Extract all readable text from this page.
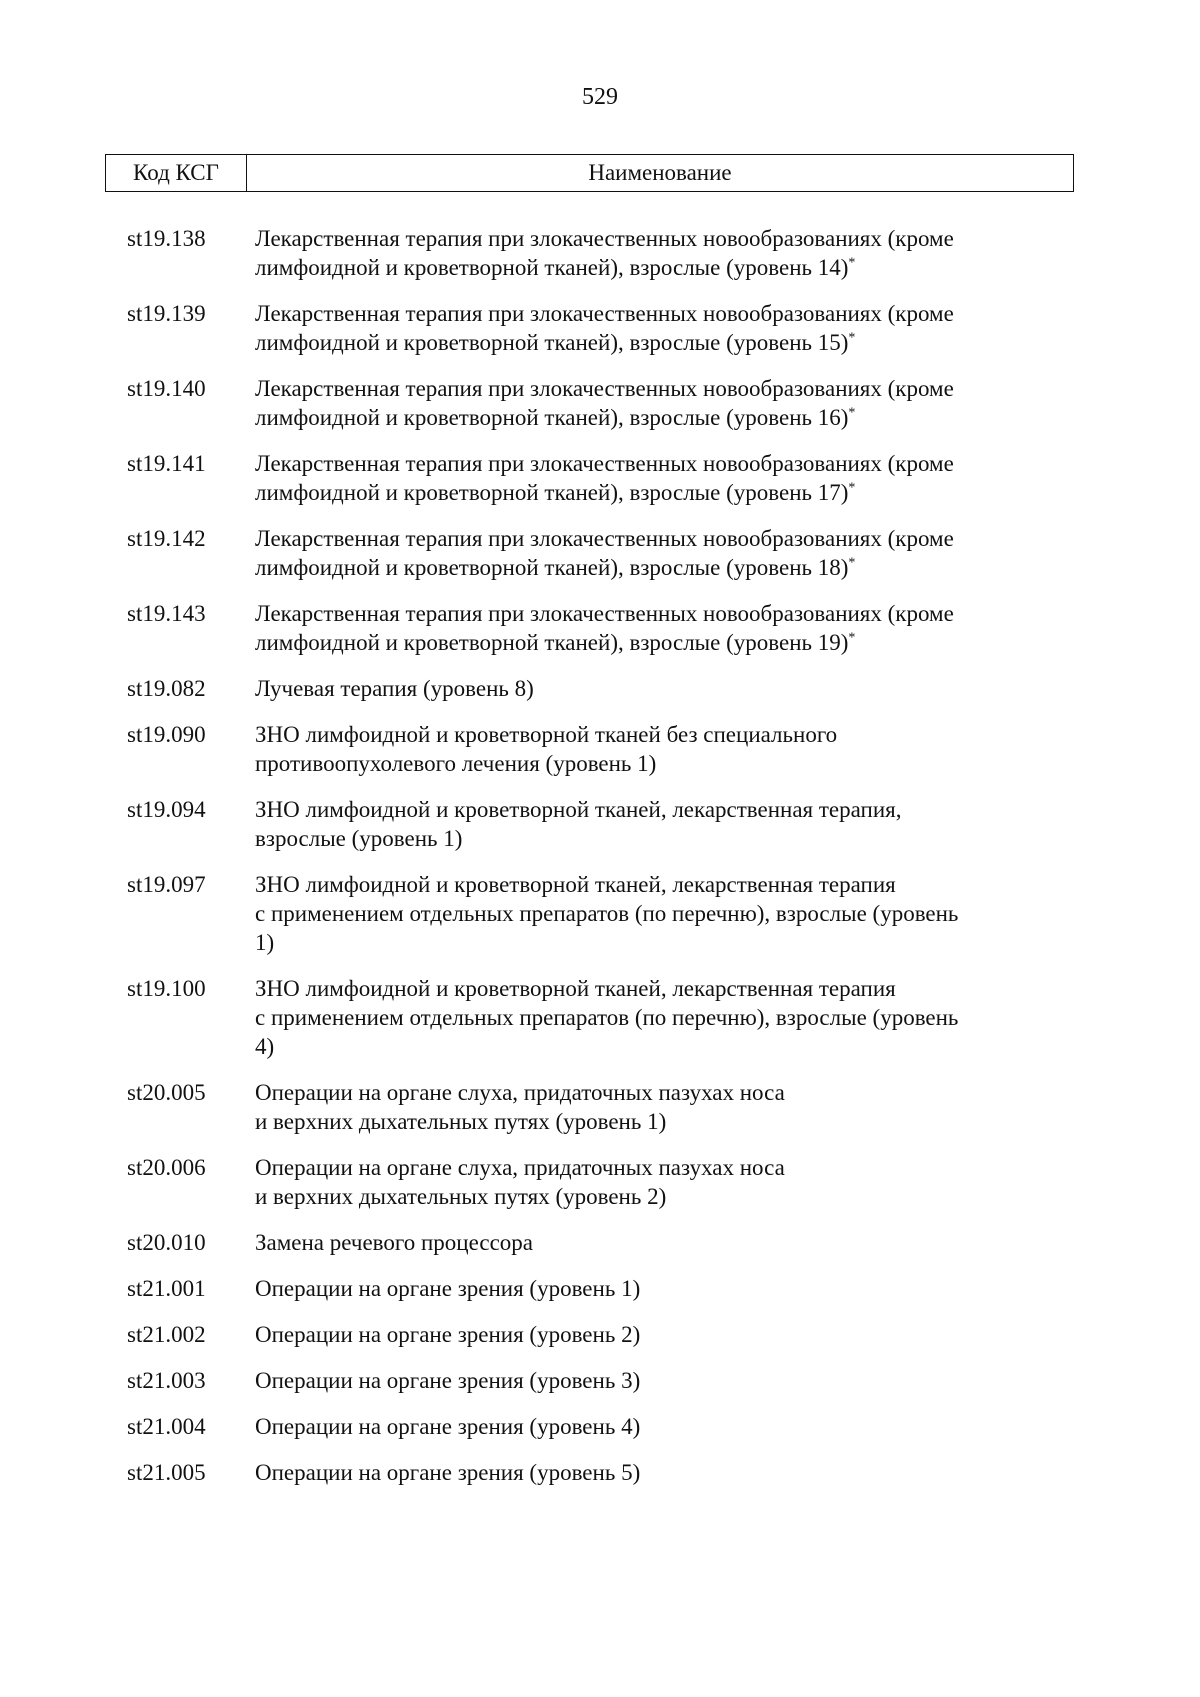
529
Код КСГ	Наименование
st19.138	Лекарственная терапия при злокачественных новообразованиях (кроме
лимфоидной и кроветворной тканей), взрослые (уровень 14)*
st19.139	Лекарственная терапия при злокачественных новообразованиях (кроме
лимфоидной и кроветворной тканей), взрослые (уровень 15)*
st19.140	Лекарственная терапия при злокачественных новообразованиях (кроме
лимфоидной и кроветворной тканей), взрослые (уровень 16)*
st19.141	Лекарственная терапия при злокачественных новообразованиях (кроме
лимфоидной и кроветворной тканей), взрослые (уровень 17)*
st19.142	Лекарственная терапия при злокачественных новообразованиях (кроме
лимфоидной и кроветворной тканей), взрослые (уровень 18)*
st19.143	Лекарственная терапия при злокачественных новообразованиях (кроме
лимфоидной и кроветворной тканей), взрослые (уровень 19)*
st19.082	Лучевая терапия (уровень 8)
st19.090	ЗНО лимфоидной и кроветворной тканей без специального
противоопухолевого лечения (уровень 1)
st19.094	ЗНО лимфоидной и кроветворной тканей, лекарственная терапия,
взрослые (уровень 1)
st19.097	ЗНО лимфоидной и кроветворной тканей, лекарственная терапия
с применением отдельных препаратов (по перечню), взрослые (уровень
1)
st19.100	ЗНО лимфоидной и кроветворной тканей, лекарственная терапия
с применением отдельных препаратов (по перечню), взрослые (уровень
4)
st20.005	Операции на органе слуха, придаточных пазухах носа
и верхних дыхательных путях (уровень 1)
st20.006	Операции на органе слуха, придаточных пазухах носа
и верхних дыхательных путях (уровень 2)
st20.010	Замена речевого процессора
st21.001	Операции на органе зрения (уровень 1)
st21.002	Операции на органе зрения (уровень 2)
st21.003	Операции на органе зрения (уровень 3)
st21.004	Операции на органе зрения (уровень 4)
st21.005	Операции на органе зрения (уровень 5)
